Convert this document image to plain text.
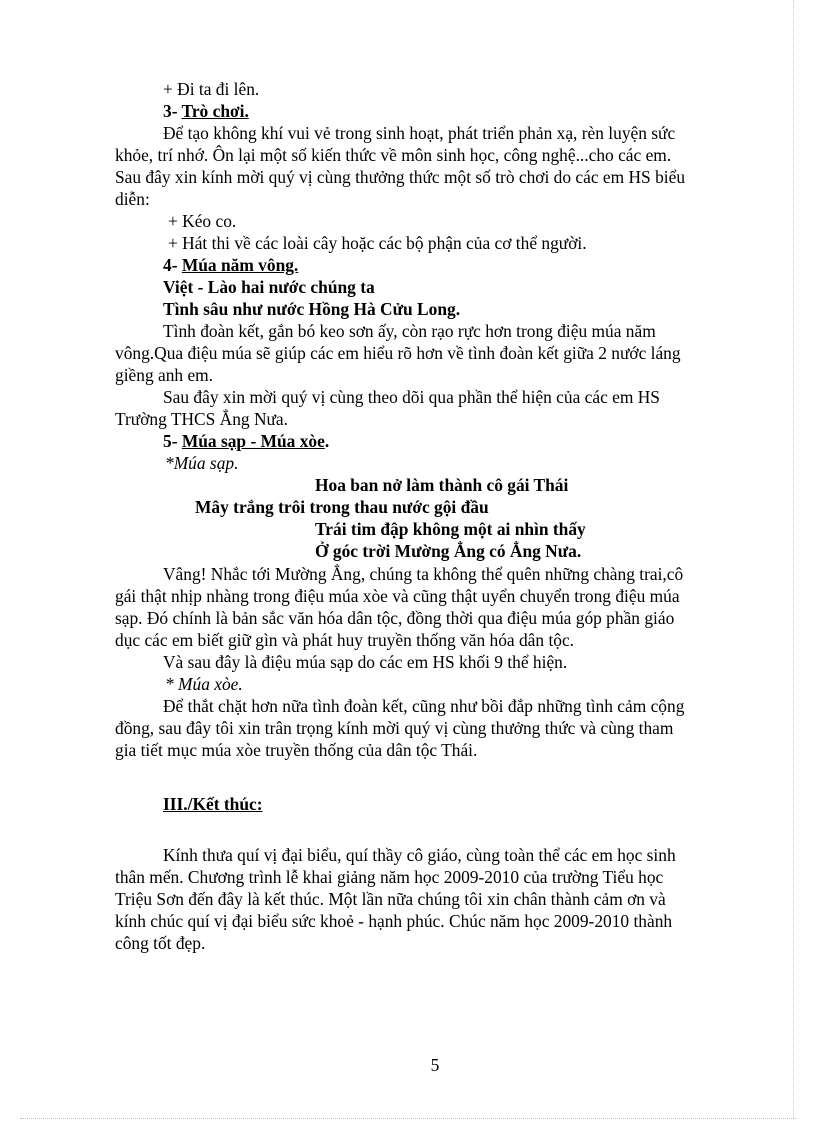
+ Đi ta đi lên.
3- Trò chơi.
Để tạo không khí vui vẻ trong sinh hoạt, phát triển phản xạ, rèn luyện sức
khỏe, trí nhớ. Ôn lại một số kiến thức về môn sinh học, công nghệ...cho các em.
Sau đây xin kính mời quý vị cùng thưởng thức một số trò chơi do các em HS biểu
diễn:
+ Kéo co.
+ Hát thi về các loài cây hoặc các bộ phận của cơ thể người.
4- Múa năm vông.
Việt - Lào hai nước chúng ta
Tình sâu như nước Hồng Hà Cửu Long.
Tình đoàn kết, gắn bó keo sơn ấy, còn rạo rực hơn trong điệu múa năm
vông.Qua điệu múa sẽ giúp các em hiểu rõ hơn về tình đoàn kết giữa 2 nước láng
giềng anh em.
Sau đây xin mời quý vị cùng theo dõi qua phần thể hiện của các em HS
Trường THCS Ẳng Nưa.
5- Múa sạp - Múa xòe.
*Múa sạp.
Hoa ban nở làm thành cô gái Thái
Mây trắng trôi trong thau nước gội đầu
Trái tim đập không một ai nhìn thấy
Ở góc trời Mường Ẳng có Ẳng Nưa.
Vâng! Nhắc tới Mường Ẳng, chúng ta không thể quên những chàng trai,cô
gái thật nhịp nhàng trong điệu múa xòe và cũng thật uyển chuyển trong điệu múa
sạp. Đó chính là bản sắc văn hóa dân tộc, đồng thời qua điệu múa góp phần giáo
dục các em biết giữ gìn và phát huy truyền thống văn hóa dân tộc.
Và sau đây là điệu múa sạp do các em HS khối 9 thể hiện.
* Múa xòe.
Để thắt chặt hơn nữa tình đoàn kết, cũng như bồi đắp những tình cảm cộng
đồng, sau đây tôi xin trân trọng kính mời quý vị cùng thưởng thức và cùng tham
gia tiết mục múa xòe truyền thống của dân tộc Thái.
III./Kết thúc:
Kính thưa quí vị đại biểu, quí thầy cô giáo, cùng toàn thể các em học sinh
thân mến. Chương trình lễ khai giảng năm học 2009-2010 của trường Tiểu học
Triệu Sơn đến đây là kết thúc. Một lần nữa chúng tôi xin chân thành cảm ơn và
kính chúc quí vị đại biểu sức khoẻ - hạnh phúc. Chúc năm học 2009-2010 thành
công tốt đẹp.
5
